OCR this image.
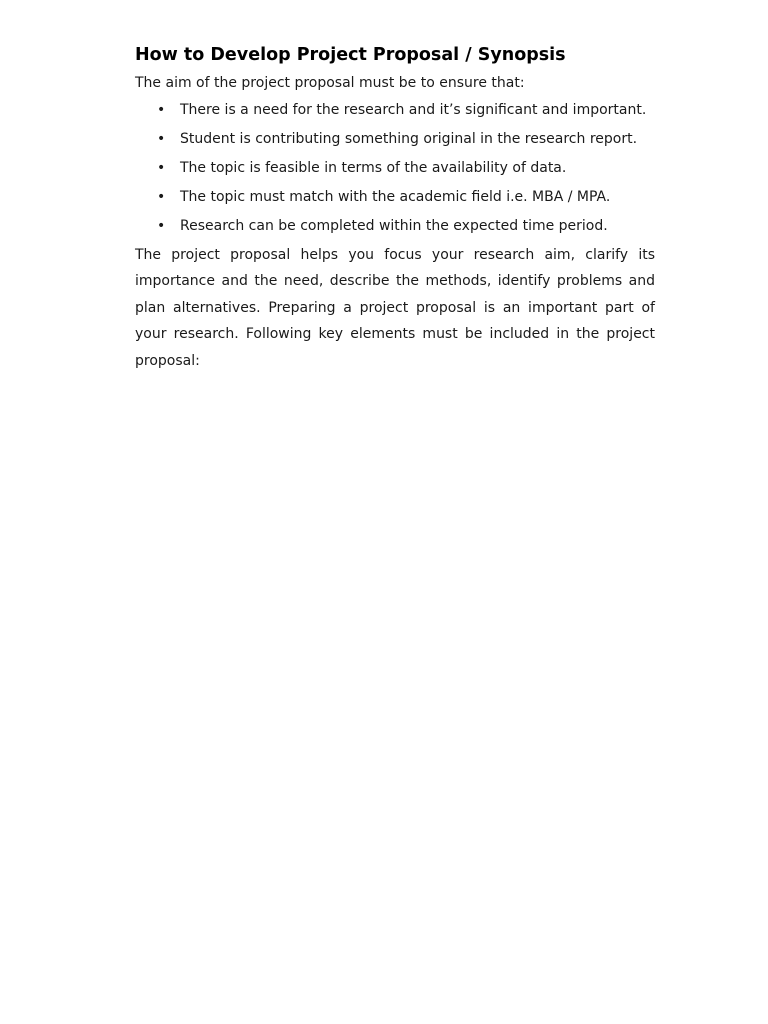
How to Develop Project Proposal / Synopsis

The aim of the project proposal must be to ensure that:

• There is a need for the research and it’s significant and important.
• Student is contributing something original in the research report.
• The topic is feasible in terms of the availability of data.
• The topic must match with the academic field i.e. MBA / MPA.
• Research can be completed within the expected time period.

The project proposal helps you focus your research aim, clarify its importance and the need, describe the methods, identify problems and plan alternatives. Preparing a project proposal is an important part of your research. Following key elements must be included in the project proposal:
